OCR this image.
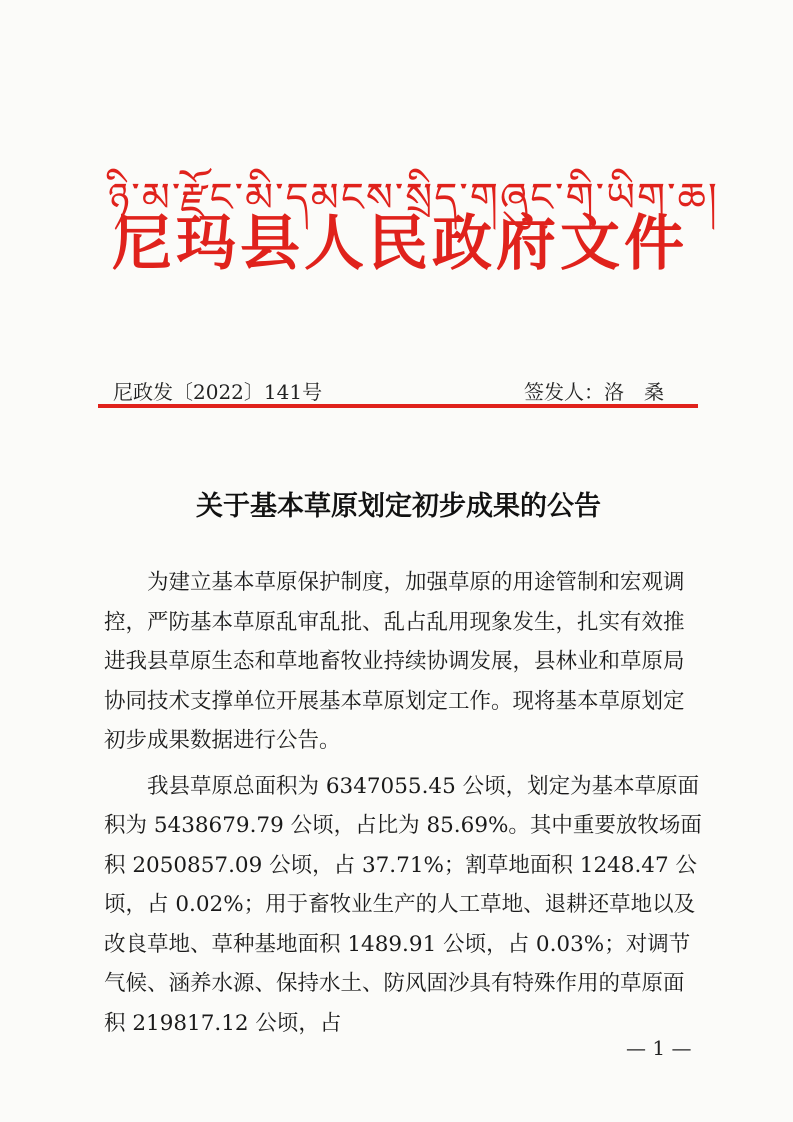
ཉི་མ་རྫོང་མི་དམངས་སྲིད་གཞུང་གི་ཡིག་ཆ།
尼玛县人民政府文件
尼政发〔2022〕141号	签发人：洛　桑
关于基本草原划定初步成果的公告

为建立基本草原保护制度，加强草原的用途管制和宏观调控，严防基本草原乱审乱批、乱占乱用现象发生，扎实有效推进我县草原生态和草地畜牧业持续协调发展，县林业和草原局协同技术支撑单位开展基本草原划定工作。现将基本草原划定初步成果数据进行公告。

我县草原总面积为 6347055.45 公顷，划定为基本草原面积为 5438679.79 公顷，占比为 85.69%。其中重要放牧场面积 2050857.09 公顷，占 37.71%；割草地面积 1248.47 公顷，占 0.02%；用于畜牧业生产的人工草地、退耕还草地以及改良草地、草种基地面积 1489.91 公顷，占 0.03%；对调节气候、涵养水源、保持水土、防风固沙具有特殊作用的草原面积 219817.12 公顷，占

— 1 —
